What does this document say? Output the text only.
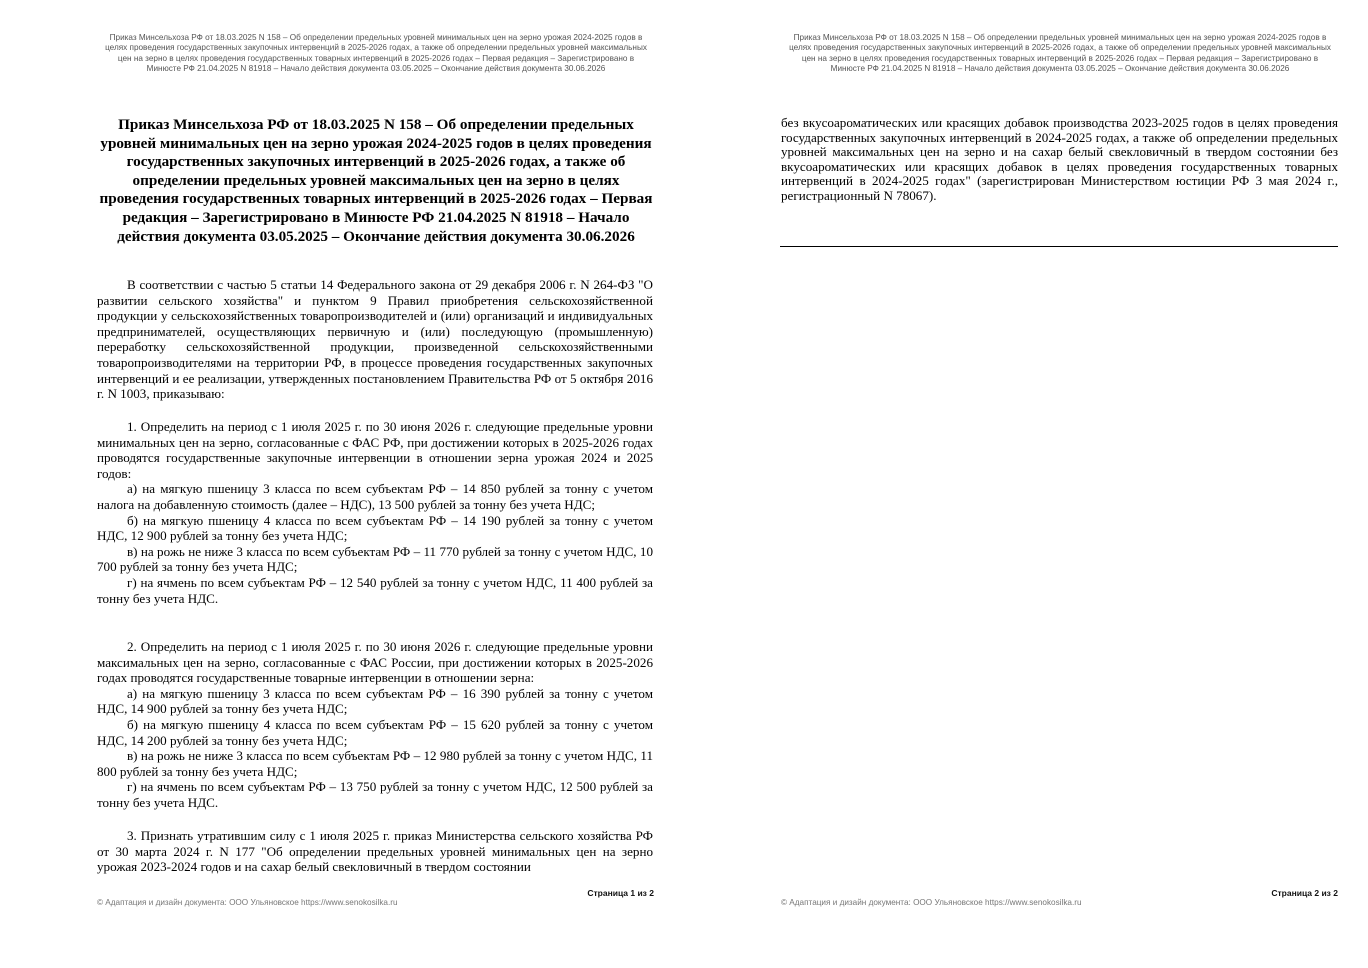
Приказ Минсельхоза РФ от 18.03.2025 N 158 – Об определении предельных уровней минимальных цен на зерно урожая 2024-2025 годов в целях проведения государственных закупочных интервенций в 2025-2026 годах, а также об определении предельных уровней максимальных цен на зерно в целях проведения государственных товарных интервенций в 2025-2026 годах – Первая редакция – Зарегистрировано в Минюсте РФ 21.04.2025 N 81918 – Начало действия документа 03.05.2025 – Окончание действия документа 30.06.2026
Приказ Минсельхоза РФ от 18.03.2025 N 158 – Об определении предельных уровней минимальных цен на зерно урожая 2024-2025 годов в целях проведения государственных закупочных интервенций в 2025-2026 годах, а также об определении предельных уровней максимальных цен на зерно в целях проведения государственных товарных интервенций в 2025-2026 годах – Первая редакция – Зарегистрировано в Минюсте РФ 21.04.2025 N 81918 – Начало действия документа 03.05.2025 – Окончание действия документа 30.06.2026

В соответствии с частью 5 статьи 14 Федерального закона от 29 декабря 2006 г. N 264-ФЗ "О развитии сельского хозяйства" и пунктом 9 Правил приобретения сельскохозяйственной продукции у сельскохозяйственных товаропроизводителей и (или) организаций и индивидуальных предпринимателей, осуществляющих первичную и (или) последующую (промышленную) переработку сельскохозяйственной продукции, произведенной сельскохозяйственными товаропроизводителями на территории РФ, в процессе проведения государственных закупочных интервенций и ее реализации, утвержденных постановлением Правительства РФ от 5 октября 2016 г. N 1003, приказываю:

1. Определить на период с 1 июля 2025 г. по 30 июня 2026 г. следующие предельные уровни минимальных цен на зерно, согласованные с ФАС РФ, при достижении которых в 2025-2026 годах проводятся государственные закупочные интервенции в отношении зерна урожая 2024 и 2025 годов:

а) на мягкую пшеницу 3 класса по всем субъектам РФ – 14 850 рублей за тонну с учетом налога на добавленную стоимость (далее – НДС), 13 500 рублей за тонну без учета НДС;

б) на мягкую пшеницу 4 класса по всем субъектам РФ – 14 190 рублей за тонну с учетом НДС, 12 900 рублей за тонну без учета НДС;

в) на рожь не ниже 3 класса по всем субъектам РФ – 11 770 рублей за тонну с учетом НДС, 10 700 рублей за тонну без учета НДС;

г) на ячмень по всем субъектам РФ – 12 540 рублей за тонну с учетом НДС, 11 400 рублей за тонну без учета НДС.

2. Определить на период с 1 июля 2025 г. по 30 июня 2026 г. следующие предельные уровни максимальных цен на зерно, согласованные с ФАС России, при достижении которых в 2025-2026 годах проводятся государственные товарные интервенции в отношении зерна:

а) на мягкую пшеницу 3 класса по всем субъектам РФ – 16 390 рублей за тонну с учетом НДС, 14 900 рублей за тонну без учета НДС;

б) на мягкую пшеницу 4 класса по всем субъектам РФ – 15 620 рублей за тонну с учетом НДС, 14 200 рублей за тонну без учета НДС;

в) на рожь не ниже 3 класса по всем субъектам РФ – 12 980 рублей за тонну с учетом НДС, 11 800 рублей за тонну без учета НДС;

г) на ячмень по всем субъектам РФ – 13 750 рублей за тонну с учетом НДС, 12 500 рублей за тонну без учета НДС.

3. Признать утратившим силу с 1 июля 2025 г. приказ Министерства сельского хозяйства РФ от 30 марта 2024 г. N 177 "Об определении предельных уровней минимальных цен на зерно урожая 2023-2024 годов и на сахар белый свекловичный в твердом состоянии

Страница 1 из 2
© Адаптация и дизайн документа: ООО Ульяновское https://www.senokosilka.ru
Приказ Минсельхоза РФ от 18.03.2025 N 158 – Об определении предельных уровней минимальных цен на зерно урожая 2024-2025 годов в целях проведения государственных закупочных интервенций в 2025-2026 годах, а также об определении предельных уровней максимальных цен на зерно в целях проведения государственных товарных интервенций в 2025-2026 годах – Первая редакция – Зарегистрировано в Минюсте РФ 21.04.2025 N 81918 – Начало действия документа 03.05.2025 – Окончание действия документа 30.06.2026
без вкусоароматических или красящих добавок производства 2023-2025 годов в целях проведения государственных закупочных интервенций в 2024-2025 годах, а также об определении предельных уровней максимальных цен на зерно и на сахар белый свекловичный в твердом состоянии без вкусоароматических или красящих добавок в целях проведения государственных товарных интервенций в 2024-2025 годах" (зарегистрирован Министерством юстиции РФ 3 мая 2024 г., регистрационный N 78067).
Страница 2 из 2
© Адаптация и дизайн документа: ООО Ульяновское https://www.senokosilka.ru
